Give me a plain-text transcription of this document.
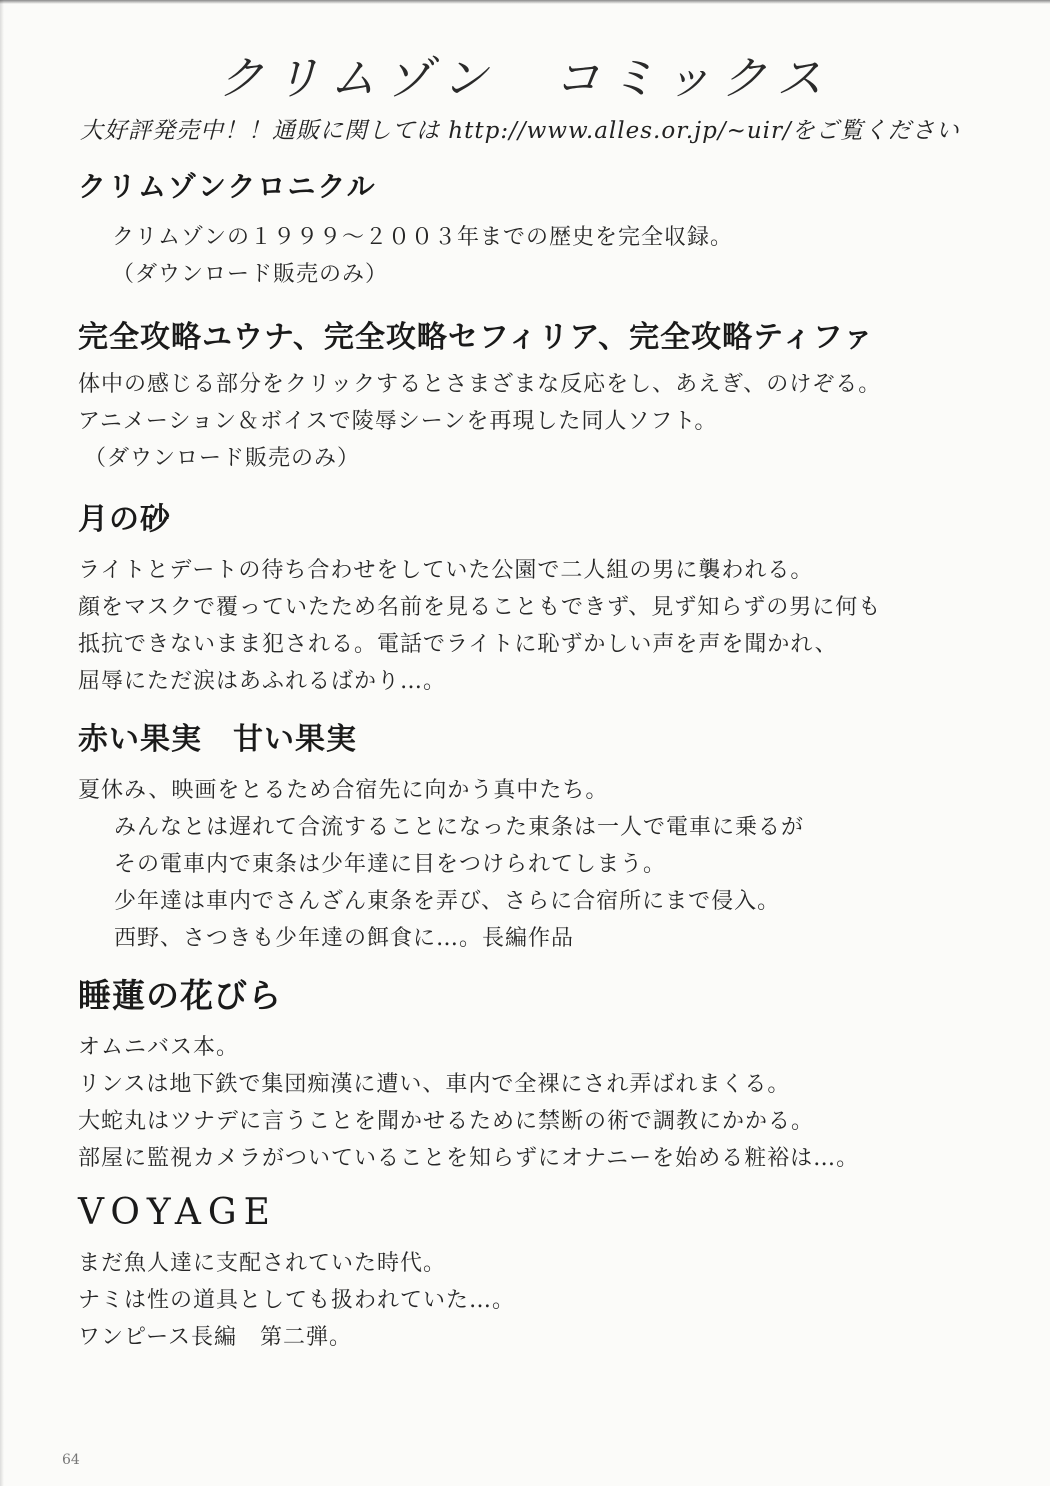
クリムゾン　コミックス
大好評発売中！！通販に関しては http://www.alles.or.jp/~uir/をご覧ください
クリムゾンクロニクル
クリムゾンの１９９９～２００３年までの歴史を完全収録。
（ダウンロード販売のみ）
完全攻略ユウナ、完全攻略セフィリア、完全攻略ティファ
体中の感じる部分をクリックするとさまざまな反応をし、あえぎ、のけぞる。
アニメーション＆ボイスで陵辱シーンを再現した同人ソフト。
（ダウンロード販売のみ）
月の砂
ライトとデートの待ち合わせをしていた公園で二人組の男に襲われる。
顔をマスクで覆っていたため名前を見ることもできず、見ず知らずの男に何も
抵抗できないまま犯される。電話でライトに恥ずかしい声を声を聞かれ、
屈辱にただ涙はあふれるばかり…。
赤い果実　甘い果実
夏休み、映画をとるため合宿先に向かう真中たち。
みんなとは遅れて合流することになった東条は一人で電車に乗るが
その電車内で東条は少年達に目をつけられてしまう。
少年達は車内でさんざん東条を弄び、さらに合宿所にまで侵入。
西野、さつきも少年達の餌食に…。長編作品
睡蓮の花びら
オムニバス本。
リンスは地下鉄で集団痴漢に遭い、車内で全裸にされ弄ばれまくる。
大蛇丸はツナデに言うことを聞かせるために禁断の術で調教にかかる。
部屋に監視カメラがついていることを知らずにオナニーを始める粧裕は…。
VOYAGE
まだ魚人達に支配されていた時代。
ナミは性の道具としても扱われていた…。
ワンピース長編　第二弾。
64
